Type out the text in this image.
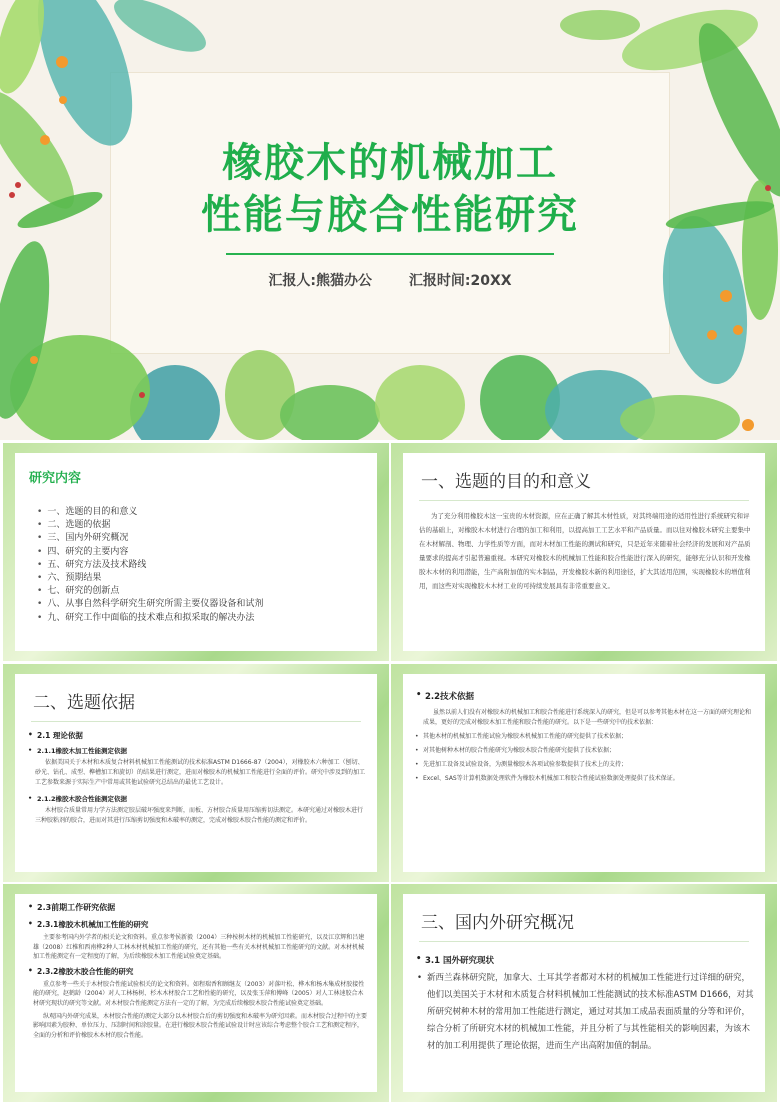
橡胶木的机械加工
性能与胶合性能研究
汇报人:熊猫办公	汇报时间:20XX
研究内容
• 一、选题的目的和意义
• 二、选题的依据
• 三、国内外研究概况
• 四、研究的主要内容
• 五、研究方法及技术路线
• 六、预期结果
• 七、研究的创新点
• 八、从事自然科学研究生研究所需主要仪器设备和试剂
• 九、研究工作中面临的技术难点和拟采取的解决办法
一、选题的目的和意义
为了充分利用橡胶木这一宝贵的木材资源，应在正确了解其木材性质，对其终端用途的适用性进行系统研究和评估的基础上，对橡胶木木材进行合理的加工和利用，以提高加工工艺水平和产品质量。而以往对橡胶木研究主要集中在木材解剖、物理、力学性质等方面，而对木材加工性能的测试和研究，只是近年来随着社会经济的发展和对产品质量要求的提高才引起普遍重视。本研究对橡胶木的机械加工性能和胶合性能进行深入的研究，能够充分认识和开发橡胶木木材的利用潜能，生产高附加值的实木制品，开发橡胶木新的利用途径，扩大其适用范围，实现橡胶木的增值利用，而这些对实现橡胶木木材工业的可持续发展具有非常重要意义。
二、选题依据
• 2.1 理论依据
• 2.1.1橡胶木加工性能测定依据
依据美国关于木材和木质复合材料机械加工性能测试的技术标准ASTM D1666-87（2004），对橡胶木六种加工（刨切、砂光、钻孔、成型、榫槽加工和旋切）的结果进行测定，进而对橡胶木的机械加工性能进行全面的评价。研究中涉及到的加工工艺参数来源于实际生产中常用或其他试验研究总结出的最优工艺设计。
• 2.1.2橡胶木胶合性能测定依据
木材胶合质量常用力学方法测定胶层破坏强度来判断，而板、方材胶合质量用压缩剪切法测定。本研究通过对橡胶木进行三种胶粘剂的胶合，进而对其进行压缩剪切强度和木破率的测定，完成对橡胶木胶合性能的测定和评价。
• 2.2技术依据
虽然以前人们没有对橡胶木的机械加工和胶合性能进行系统深入的研究，但是可以参考其他木材在这一方面的研究理论和成果，更好的完成对橡胶木加工性能和胶合性能的研究。以下是一些研究中的技术依据：
• 其他木材的机械加工性能试验为橡胶木机械加工性能的研究提供了技术依据；
• 对其他树种木材的胶合性能研究为橡胶木胶合性能研究提供了技术依据；
• 先进加工设备及试验设备，为测量橡胶木各项试验参数提供了技术上的支持；
• Excel、SAS等计算机数据处理软件为橡胶木机械加工和胶合性能试验数据处理提供了技术保证。
• 2.3前期工作研究依据
• 2.3.1橡胶木机械加工性能的研究
主要参考国内外学者的相关论文和资料。重点参考侯新毅（2004）三种桉树木材的机械加工性能研究，以及江京辉和吕建雄（2008）红椎和西南桦2种人工林木材机械加工性能的研究，还有其他一些有关木材机械加工性能研究的文献。对木材机械加工性能测定有一定程度的了解，为后续橡胶木加工性能试验奠定基础。
• 2.3.2橡胶木胶合性能的研究
重点参考一些关于木材胶合性能试验相关的论文和资料。如程瑞香和顾继友（2003）对落叶松、桦木和杨木集成材胶接性能的研究，赵鹤龄（2004）对人工林杨树、杉木木材胶合工艺和性能的研究，以及张玉萍和傅峰（2005）对人工林速胶合木材研究现状的研究等文献。对木材胶合性能测定方法有一定的了解，为完成后续橡胶木胶合性能试验奠定基础。
纵观国内外研究成果，木材胶合性能的测定大部分以木材胶合后的剪切强度和木破率为研究因素。而木材胶合过程中的主要影响因素为胶种、单位压力、压制时间和涂胶量。在进行橡胶木胶合性能试验设计时应该综合考虑整个胶合工艺和测定程序，全面的分析和评价橡胶木木材的胶合性能。
三、国内外研究概况
• 3.1 国外研究现状
• 新西兰森林研究院，加拿大、土耳其学者都对木材的机械加工性能进行过详细的研究，他们以美国关于木材和木质复合材料机械加工性能测试的技术标准ASTM D1666，对其所研究树种木材的常用加工性能进行测定，通过对其加工成品表面质量的分等和评价，综合分析了所研究木材的机械加工性能，并且分析了与其性能相关的影响因素，为该木材的加工利用提供了理论依据，进而生产出高附加值的制品。
